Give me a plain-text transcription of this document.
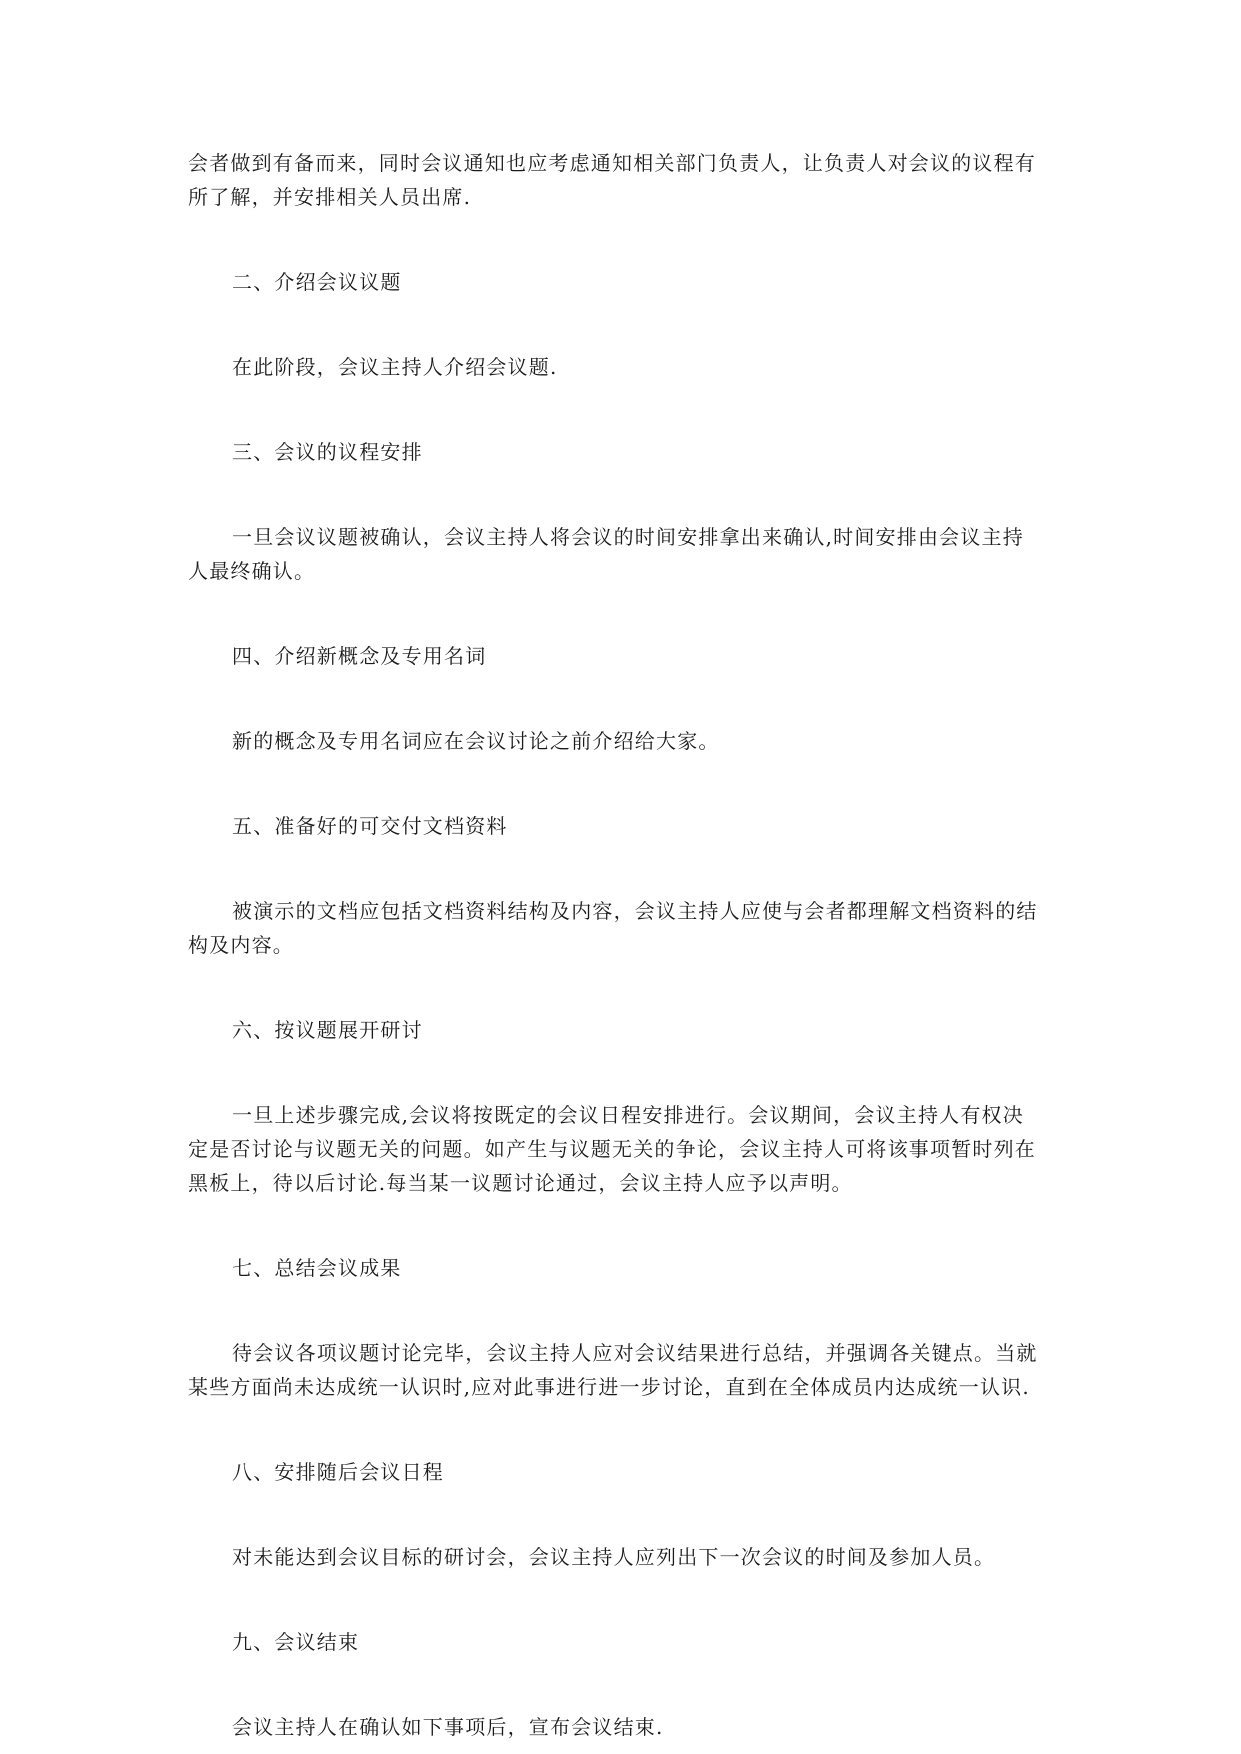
会者做到有备而来，同时会议通知也应考虑通知相关部门负责人，让负责人对会议的议程有
所了解，并安排相关人员出席.

二、介绍会议议题

在此阶段，会议主持人介绍会议题.

三、会议的议程安排

一旦会议议题被确认，会议主持人将会议的时间安排拿出来确认,时间安排由会议主持
人最终确认。

四、介绍新概念及专用名词

新的概念及专用名词应在会议讨论之前介绍给大家。

五、准备好的可交付文档资料

被演示的文档应包括文档资料结构及内容，会议主持人应使与会者都理解文档资料的结
构及内容。

六、按议题展开研讨

一旦上述步骤完成,会议将按既定的会议日程安排进行。会议期间，会议主持人有权决
定是否讨论与议题无关的问题。如产生与议题无关的争论，会议主持人可将该事项暂时列在
黑板上，待以后讨论.每当某一议题讨论通过，会议主持人应予以声明。

七、总结会议成果

待会议各项议题讨论完毕，会议主持人应对会议结果进行总结，并强调各关键点。当就
某些方面尚未达成统一认识时,应对此事进行进一步讨论，直到在全体成员内达成统一认识.

八、安排随后会议日程

对未能达到会议目标的研讨会，会议主持人应列出下一次会议的时间及参加人员。

九、会议结束

会议主持人在确认如下事项后，宣布会议结束.
